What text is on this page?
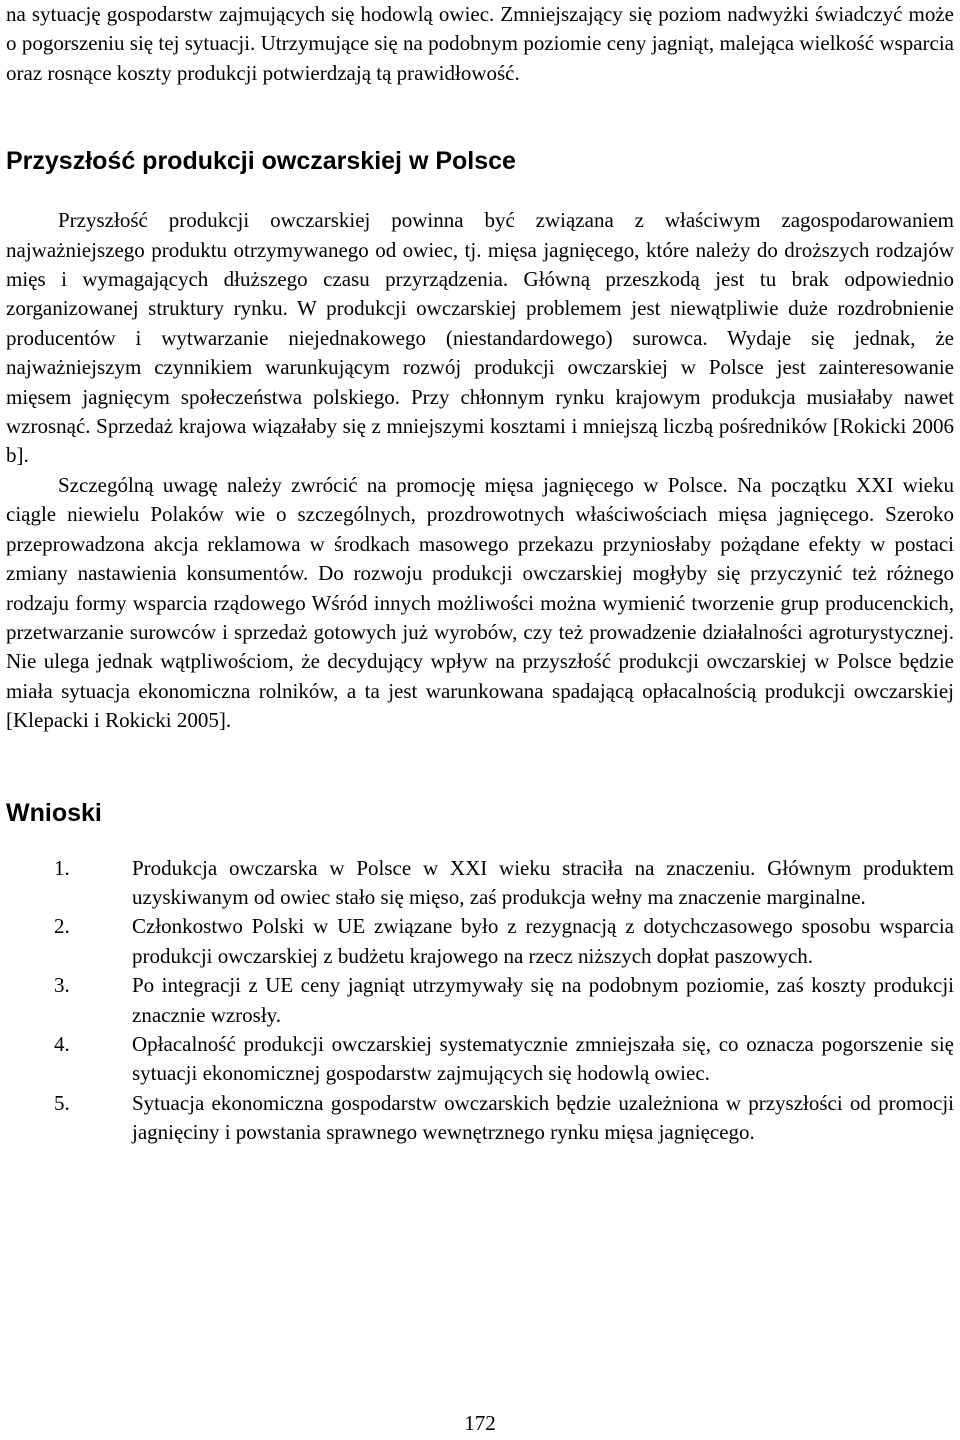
na sytuację gospodarstw zajmujących się hodowlą owiec. Zmniejszający się poziom nadwyżki świadczyć może o pogorszeniu się tej sytuacji. Utrzymujące się na podobnym poziomie ceny jagniąt, malejąca wielkość wsparcia oraz rosnące koszty produkcji potwierdzają tą prawidłowość.

Przyszłość produkcji owczarskiej w Polsce

Przyszłość produkcji owczarskiej powinna być związana z właściwym zagospodarowaniem najważniejszego produktu otrzymywanego od owiec, tj. mięsa jagnięcego, które należy do droższych rodzajów mięs i wymagających dłuższego czasu przyrządzenia. Główną przeszkodą jest tu brak odpowiednio zorganizowanej struktury rynku. W produkcji owczarskiej problemem jest niewątpliwie duże rozdrobnienie producentów i wytwarzanie niejednakowego (niestandardowego) surowca. Wydaje się jednak, że najważniejszym czynnikiem warunkującym rozwój produkcji owczarskiej w Polsce jest zainteresowanie mięsem jagnięcym społeczeństwa polskiego. Przy chłonnym rynku krajowym produkcja musiałaby nawet wzrosnąć. Sprzedaż krajowa wiązałaby się z mniejszymi kosztami i mniejszą liczbą pośredników [Rokicki 2006 b].

Szczególną uwagę należy zwrócić na promocję mięsa jagnięcego w Polsce. Na początku XXI wieku ciągle niewielu Polaków wie o szczególnych, prozdrowotnych właściwościach mięsa jagnięcego. Szeroko przeprowadzona akcja reklamowa w środkach masowego przekazu przyniosłaby pożądane efekty w postaci zmiany nastawienia konsumentów. Do rozwoju produkcji owczarskiej mogłyby się przyczynić też różnego rodzaju formy wsparcia rządowego Wśród innych możliwości można wymienić tworzenie grup producenckich, przetwarzanie surowców i sprzedaż gotowych już wyrobów, czy też prowadzenie działalności agroturystycznej. Nie ulega jednak wątpliwościom, że decydujący wpływ na przyszłość produkcji owczarskiej w Polsce będzie miała sytuacja ekonomiczna rolników, a ta jest warunkowana spadającą opłacalnością produkcji owczarskiej [Klepacki i Rokicki 2005].

Wnioski
1.	Produkcja owczarska w Polsce w XXI wieku straciła na znaczeniu. Głównym produktem uzyskiwanym od owiec stało się mięso, zaś produkcja wełny ma znaczenie marginalne.
2.	Członkostwo Polski w UE związane było z rezygnacją z dotychczasowego sposobu wsparcia produkcji owczarskiej z budżetu krajowego na rzecz niższych dopłat paszowych.
3.	Po integracji z UE ceny jagniąt utrzymywały się na podobnym poziomie, zaś koszty produkcji znacznie wzrosły.
4.	Opłacalność produkcji owczarskiej systematycznie zmniejszała się, co oznacza pogorszenie się sytuacji ekonomicznej gospodarstw zajmujących się hodowlą owiec.
5.	Sytuacja ekonomiczna gospodarstw owczarskich będzie uzależniona w przyszłości od promocji jagnięciny i powstania sprawnego wewnętrznego rynku mięsa jagnięcego.
172
